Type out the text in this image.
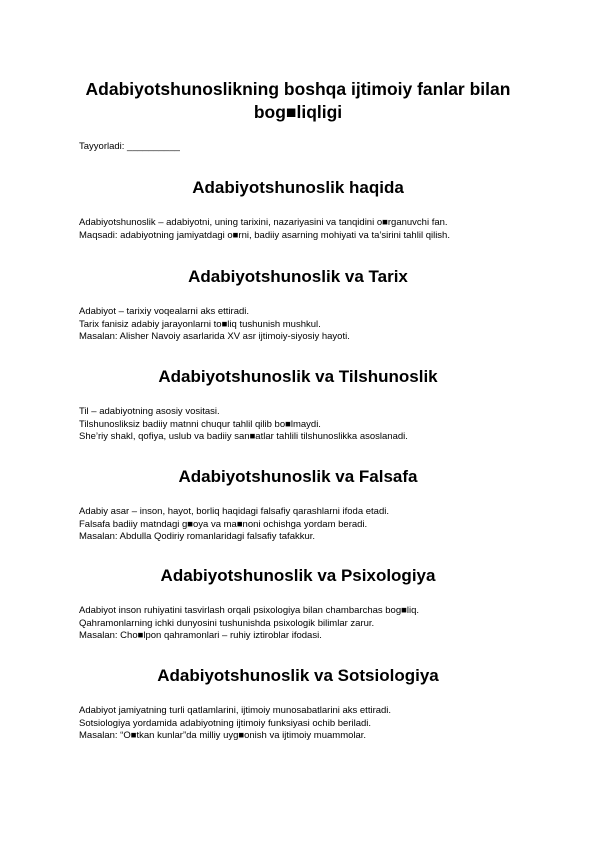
Adabiyotshunoslikning boshqa ijtimoiy fanlar bilan
bog■liqligi
Tayyorladi: __________
Adabiyotshunoslik haqida
Adabiyotshunoslik – adabiyotni, uning tarixini, nazariyasini va tanqidini o■rganuvchi fan.
Maqsadi: adabiyotning jamiyatdagi o■rni, badiiy asarning mohiyati va ta’sirini tahlil qilish.
Adabiyotshunoslik va Tarix
Adabiyot – tarixiy voqealarni aks ettiradi.
Tarix fanisiz adabiy jarayonlarni to■liq tushunish mushkul.
Masalan: Alisher Navoiy asarlarida XV asr ijtimoiy-siyosiy hayoti.
Adabiyotshunoslik va Tilshunoslik
Til – adabiyotning asosiy vositasi.
Tilshunosliksiz badiiy matnni chuqur tahlil qilib bo■lmaydi.
She’riy shakl, qofiya, uslub va badiiy san■atlar tahlili tilshunoslikka asoslanadi.
Adabiyotshunoslik va Falsafa
Adabiy asar – inson, hayot, borliq haqidagi falsafiy qarashlarni ifoda etadi.
Falsafa badiiy matndagi g■oya va ma■noni ochishga yordam beradi.
Masalan: Abdulla Qodiriy romanlaridagi falsafiy tafakkur.
Adabiyotshunoslik va Psixologiya
Adabiyot inson ruhiyatini tasvirlash orqali psixologiya bilan chambarchas bog■liq.
Qahramonlarning ichki dunyosini tushunishda psixologik bilimlar zarur.
Masalan: Cho■lpon qahramonlari – ruhiy iztiroblar ifodasi.
Adabiyotshunoslik va Sotsiologiya
Adabiyot jamiyatning turli qatlamlarini, ijtimoiy munosabatlarini aks ettiradi.
Sotsiologiya yordamida adabiyotning ijtimoiy funksiyasi ochib beriladi.
Masalan: “O■tkan kunlar”da milliy uyg■onish va ijtimoiy muammolar.
